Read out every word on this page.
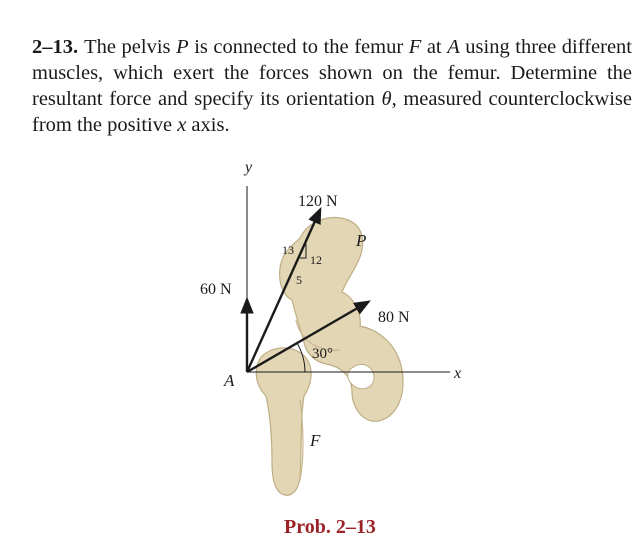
2–13. The pelvis P is connected to the femur F at A using three different muscles, which exert the forces shown on the femur. Determine the resultant force and specify its orientation θ, measured counterclockwise from the positive x axis.
y
x
A
P
F
120 N
60 N
80 N
30°
13
12
5
Prob. 2–13
